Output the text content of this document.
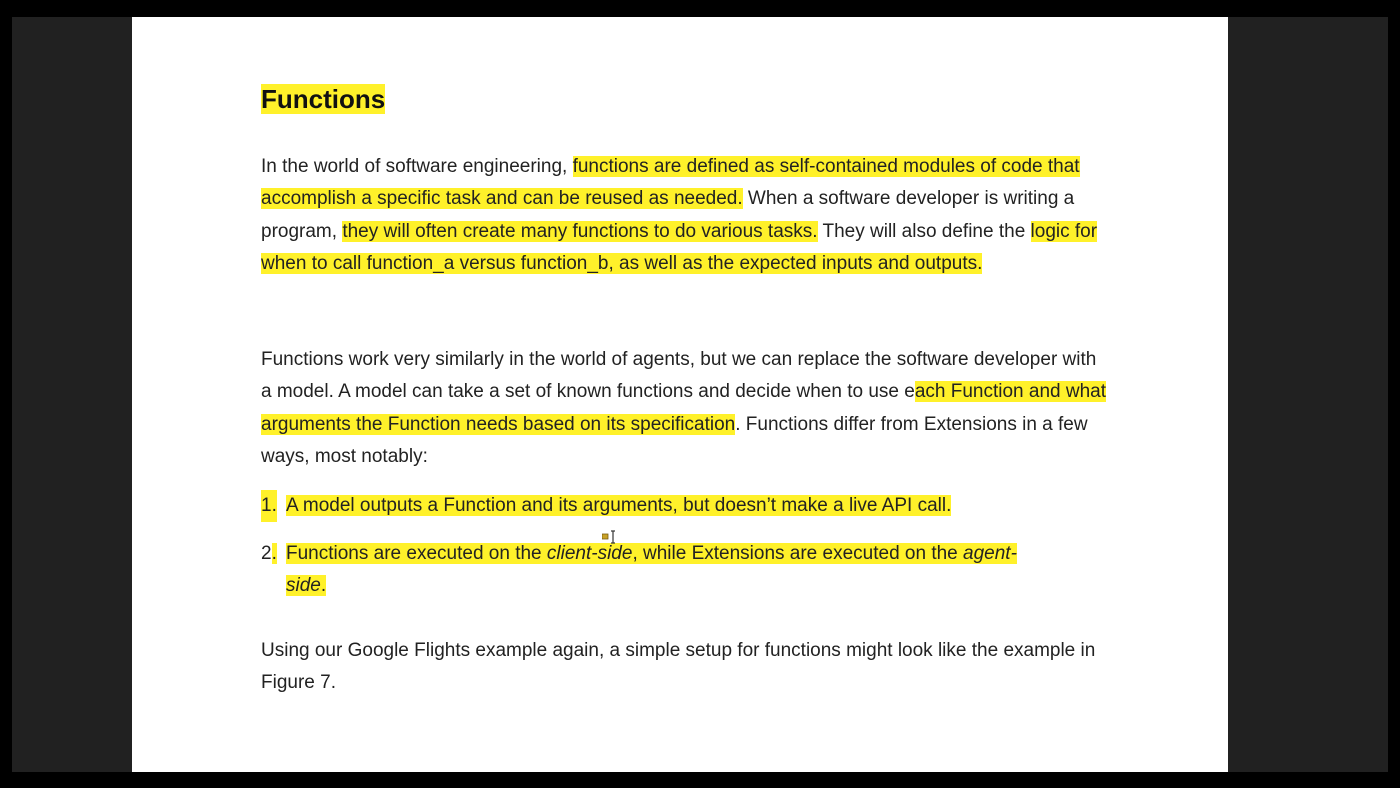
Functions

In the world of software engineering, functions are defined as self-contained modules of code that accomplish a specific task and can be reused as needed. When a software developer is writing a program, they will often create many functions to do various tasks. They will also define the logic for when to call function_a versus function_b, as well as the expected inputs and outputs.

Functions work very similarly in the world of agents, but we can replace the software developer with a model. A model can take a set of known functions and decide when to use each Function and what arguments the Function needs based on its specification. Functions differ from Extensions in a few ways, most notably:

1. A model outputs a Function and its arguments, but doesn’t make a live API call.
2. Functions are executed on the client-side, while Extensions are executed on the agent-side.

Using our Google Flights example again, a simple setup for functions might look like the example in Figure 7.
